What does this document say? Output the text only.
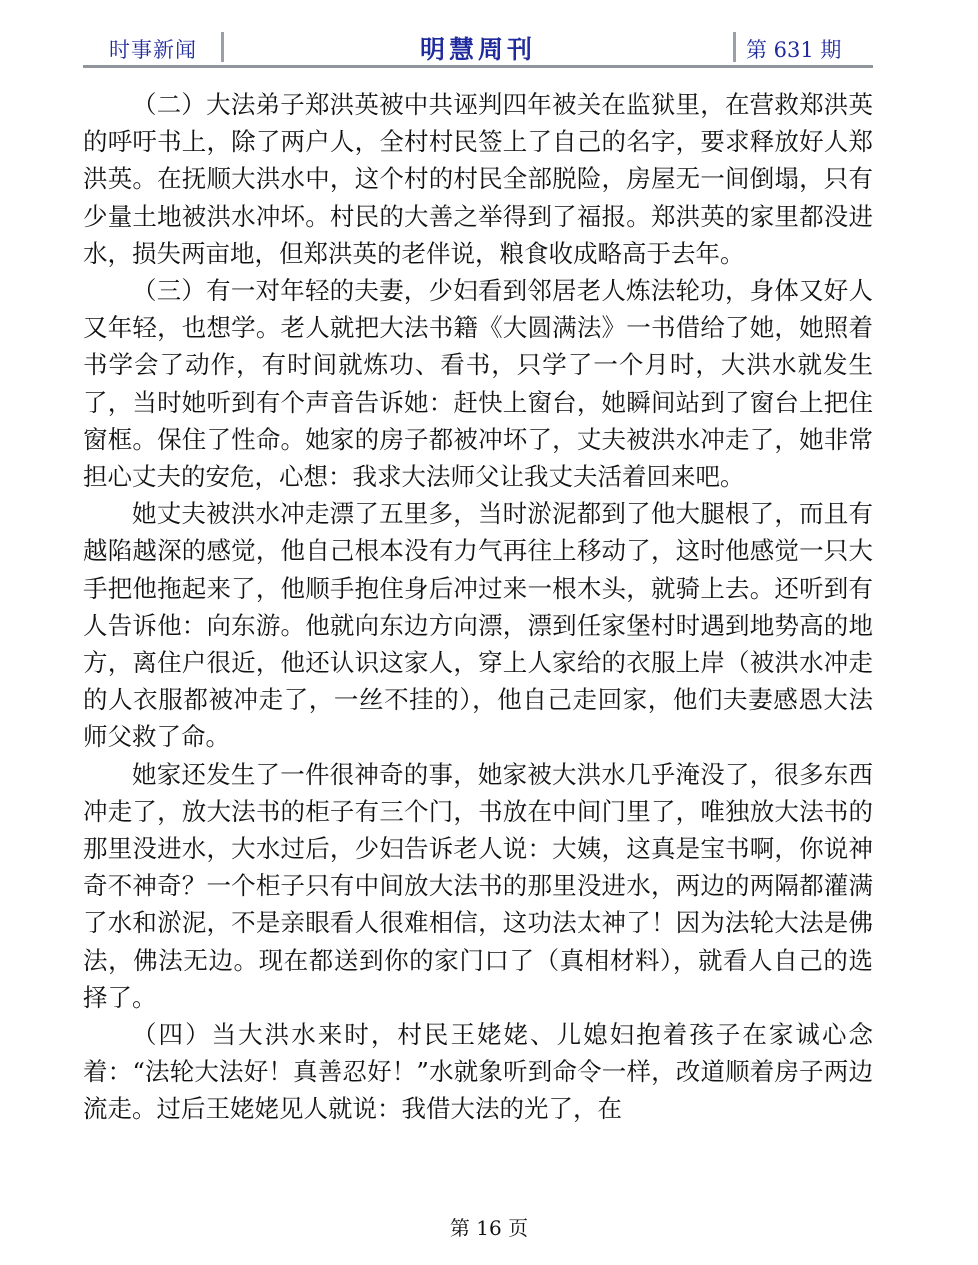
时事新闻	明慧周刊	第 631 期

（二）大法弟子郑洪英被中共诬判四年被关在监狱里，在营救郑洪英的呼吁书上，除了两户人，全村村民签上了自己的名字，要求释放好人郑洪英。在抚顺大洪水中，这个村的村民全部脱险，房屋无一间倒塌，只有少量土地被洪水冲坏。村民的大善之举得到了福报。郑洪英的家里都没进水，损失两亩地，但郑洪英的老伴说，粮食收成略高于去年。

（三）有一对年轻的夫妻，少妇看到邻居老人炼法轮功，身体又好人又年轻，也想学。老人就把大法书籍《大圆满法》一书借给了她，她照着书学会了动作，有时间就炼功、看书，只学了一个月时，大洪水就发生了，当时她听到有个声音告诉她：赶快上窗台，她瞬间站到了窗台上把住窗框。保住了性命。她家的房子都被冲坏了，丈夫被洪水冲走了，她非常担心丈夫的安危，心想：我求大法师父让我丈夫活着回来吧。

她丈夫被洪水冲走漂了五里多，当时淤泥都到了他大腿根了，而且有越陷越深的感觉，他自己根本没有力气再往上移动了，这时他感觉一只大手把他拖起来了，他顺手抱住身后冲过来一根木头，就骑上去。还听到有人告诉他：向东游。他就向东边方向漂，漂到任家堡村时遇到地势高的地方，离住户很近，他还认识这家人，穿上人家给的衣服上岸（被洪水冲走的人衣服都被冲走了，一丝不挂的），他自己走回家，他们夫妻感恩大法师父救了命。

她家还发生了一件很神奇的事，她家被大洪水几乎淹没了，很多东西冲走了，放大法书的柜子有三个门，书放在中间门里了，唯独放大法书的那里没进水，大水过后，少妇告诉老人说：大姨，这真是宝书啊，你说神奇不神奇？一个柜子只有中间放大法书的那里没进水，两边的两隔都灌满了水和淤泥，不是亲眼看人很难相信，这功法太神了！因为法轮大法是佛法，佛法无边。现在都送到你的家门口了（真相材料），就看人自己的选择了。

（四）当大洪水来时，村民王姥姥、儿媳妇抱着孩子在家诚心念着：“法轮大法好！真善忍好！”水就象听到命令一样，改道顺着房子两边流走。过后王姥姥见人就说：我借大法的光了，在

第 16 页
